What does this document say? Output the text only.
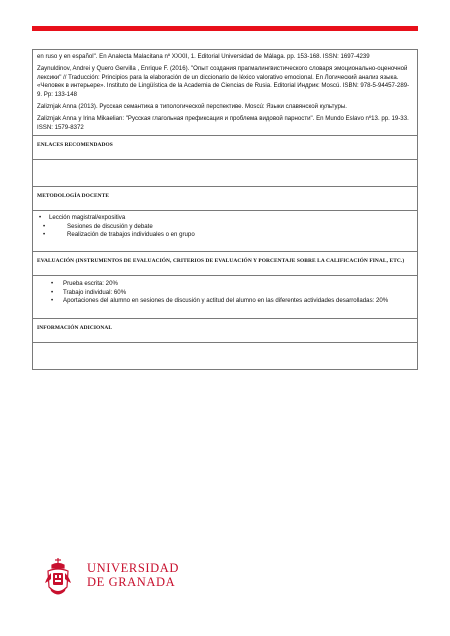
en ruso y en español". En Analecta Malacitana nº XXXII, 1. Editorial Universidad de Málaga. pp. 153-168. ISSN: 1697-4239

Zaynuldinov, Andrei y Quero Gervilla , Enrique F. (2016). "Опыт создания прагмалингвистического словаря эмоционально-оценочной лексики" // Traducción: Principios para la elaboración de un diccionario de léxico valorativo emocional. En Логический анализ языка. «Человек в интерьере». Instituto de Lingüística de la Academia de Ciencias de Rusia. Editorial Индрик: Moscú. ISBN: 978-5-94457-289-9. Pp: 133-148

Zaliznjak Anna (2013). Русская семантика в типологической перспективе. Moscú: Языки славянской культуры.

Zaliznjak Anna y Irina Mikaelian: "Русская глагольная префиксация и проблема видовой парности". En Mundo Eslavo nº13. pp. 19-33. ISSN: 1579-8372

ENLACES RECOMENDADOS

METODOLOGÍA DOCENTE

• Lección magistral/expositiva
•	Sesiones de discusión y debate
•	Realización de trabajos individuales o en grupo

EVALUACIÓN (INSTRUMENTOS DE EVALUACIÓN, CRITERIOS DE EVALUACIÓN Y PORCENTAJE SOBRE LA CALIFICACIÓN FINAL, ETC.)

• Prueba escrita: 20%
• Trabajo individual: 60%
• Aportaciones del alumno en sesiones de discusión y actitud del alumno en las diferentes actividades desarrolladas: 20%

INFORMACIÓN ADICIONAL

UNIVERSIDAD
DE GRANADA
